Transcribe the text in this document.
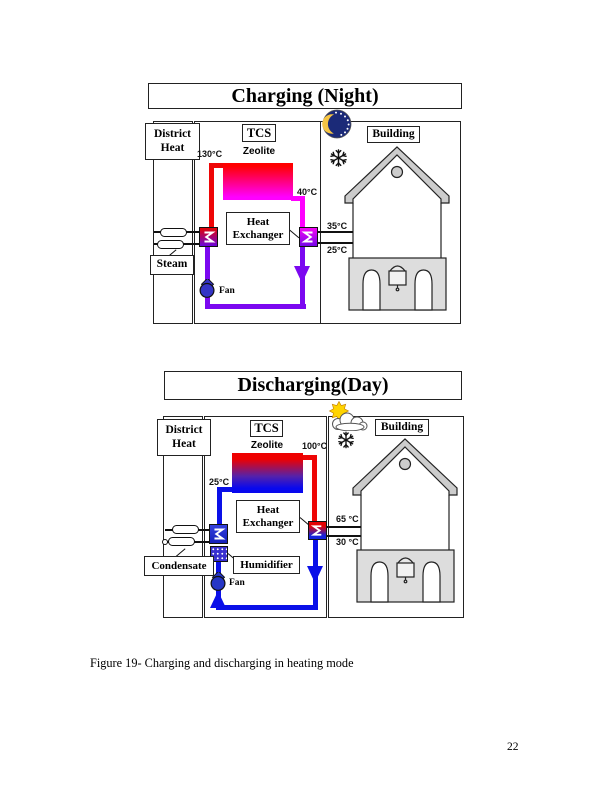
Charging (Night)
Fan
District
Heat
TCS
Zeolite
Heat
Exchanger
Steam
Building
130°C
40°C
35°C
25°C
Discharging(Day)
Fan
District
Heat
TCS
Zeolite
Heat
Exchanger
Humidifier
Condensate
Building
100°C
25°C
65 °C
30 °C
Figure 19- Charging and discharging in heating mode
22
